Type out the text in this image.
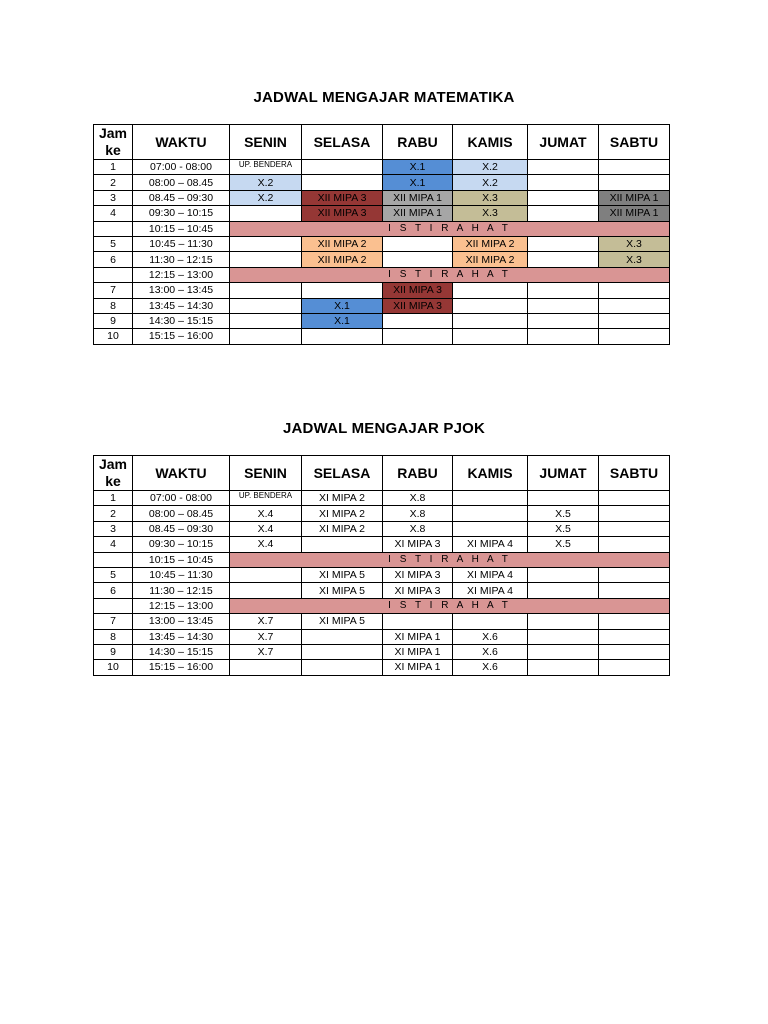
JADWAL MENGAJAR MATEMATIKA
Jam ke	WAKTU	SENIN	SELASA	RABU	KAMIS	JUMAT	SABTU
1	07:00 - 08:00	UP. BENDERA		X.1	X.2		
2	08:00 – 08.45	X.2		X.1	X.2		
3	08.45 – 09:30	X.2	XII MIPA 3	XII MIPA 1	X.3		XII MIPA 1
4	09:30 – 10:15		XII MIPA 3	XII MIPA 1	X.3		XII MIPA 1
	10:15 – 10:45	I S T I R A H A T					
5	10:45 – 11:30		XII MIPA 2		XII MIPA 2		X.3
6	11:30 – 12:15		XII MIPA 2		XII MIPA 2		X.3
	12:15 – 13:00	I S T I R A H A T					
7	13:00 – 13:45			XII MIPA 3			
8	13:45 – 14:30		X.1	XII MIPA 3			
9	14:30 – 15:15		X.1				
10	15:15 – 16:00						
JADWAL MENGAJAR PJOK
Jam ke	WAKTU	SENIN	SELASA	RABU	KAMIS	JUMAT	SABTU
1	07:00 - 08:00	UP. BENDERA	XI MIPA 2	X.8			
2	08:00 – 08.45	X.4	XI MIPA 2	X.8		X.5	
3	08.45 – 09:30	X.4	XI MIPA 2	X.8		X.5	
4	09:30 – 10:15	X.4		XI MIPA 3	XI MIPA 4	X.5	
	10:15 – 10:45	I S T I R A H A T					
5	10:45 – 11:30		XI MIPA 5	XI MIPA 3	XI MIPA 4		
6	11:30 – 12:15		XI MIPA 5	XI MIPA 3	XI MIPA 4		
	12:15 – 13:00	I S T I R A H A T					
7	13:00 – 13:45	X.7	XI MIPA 5				
8	13:45 – 14:30	X.7		XI MIPA 1	X.6		
9	14:30 – 15:15	X.7		XI MIPA 1	X.6		
10	15:15 – 16:00			XI MIPA 1	X.6		
